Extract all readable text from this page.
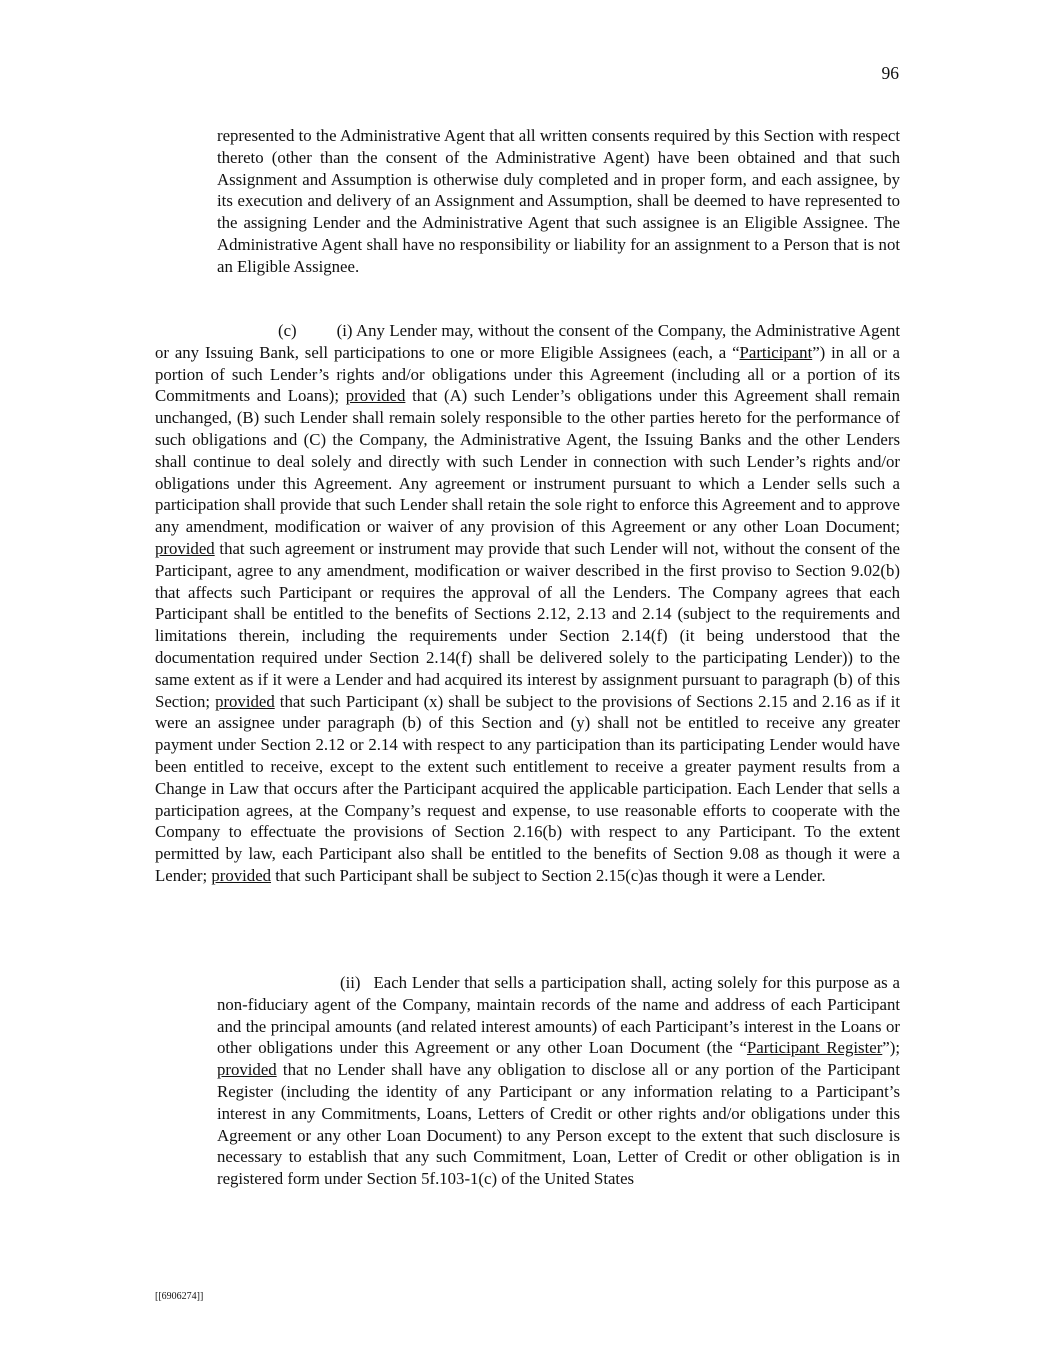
96

represented to the Administrative Agent that all written consents required by this Section with respect thereto (other than the consent of the Administrative Agent) have been obtained and that such Assignment and Assumption is otherwise duly completed and in proper form, and each assignee, by its execution and delivery of an Assignment and Assumption, shall be deemed to have represented to the assigning Lender and the Administrative Agent that such assignee is an Eligible Assignee. The Administrative Agent shall have no responsibility or liability for an assignment to a Person that is not an Eligible Assignee.

(c) (i) Any Lender may, without the consent of the Company, the Administrative Agent or any Issuing Bank, sell participations to one or more Eligible Assignees (each, a “Participant”) in all or a portion of such Lender’s rights and/or obligations under this Agreement (including all or a portion of its Commitments and Loans); provided that (A) such Lender’s obligations under this Agreement shall remain unchanged, (B) such Lender shall remain solely responsible to the other parties hereto for the performance of such obligations and (C) the Company, the Administrative Agent, the Issuing Banks and the other Lenders shall continue to deal solely and directly with such Lender in connection with such Lender’s rights and/or obligations under this Agreement. Any agreement or instrument pursuant to which a Lender sells such a participation shall provide that such Lender shall retain the sole right to enforce this Agreement and to approve any amendment, modification or waiver of any provision of this Agreement or any other Loan Document; provided that such agreement or instrument may provide that such Lender will not, without the consent of the Participant, agree to any amendment, modification or waiver described in the first proviso to Section 9.02(b) that affects such Participant or requires the approval of all the Lenders. The Company agrees that each Participant shall be entitled to the benefits of Sections 2.12, 2.13 and 2.14 (subject to the requirements and limitations therein, including the requirements under Section 2.14(f) (it being understood that the documentation required under Section 2.14(f) shall be delivered solely to the participating Lender)) to the same extent as if it were a Lender and had acquired its interest by assignment pursuant to paragraph (b) of this Section; provided that such Participant (x) shall be subject to the provisions of Sections 2.15 and 2.16 as if it were an assignee under paragraph (b) of this Section and (y) shall not be entitled to receive any greater payment under Section 2.12 or 2.14 with respect to any participation than its participating Lender would have been entitled to receive, except to the extent such entitlement to receive a greater payment results from a Change in Law that occurs after the Participant acquired the applicable participation. Each Lender that sells a participation agrees, at the Company’s request and expense, to use reasonable efforts to cooperate with the Company to effectuate the provisions of Section 2.16(b) with respect to any Participant. To the extent permitted by law, each Participant also shall be entitled to the benefits of Section 9.08 as though it were a Lender; provided that such Participant shall be subject to Section 2.15(c)as though it were a Lender.

(ii) Each Lender that sells a participation shall, acting solely for this purpose as a non-fiduciary agent of the Company, maintain records of the name and address of each Participant and the principal amounts (and related interest amounts) of each Participant’s interest in the Loans or other obligations under this Agreement or any other Loan Document (the “Participant Register”); provided that no Lender shall have any obligation to disclose all or any portion of the Participant Register (including the identity of any Participant or any information relating to a Participant’s interest in any Commitments, Loans, Letters of Credit or other rights and/or obligations under this Agreement or any other Loan Document) to any Person except to the extent that such disclosure is necessary to establish that any such Commitment, Loan, Letter of Credit or other obligation is in registered form under Section 5f.103-1(c) of the United States

[[6906274]]
